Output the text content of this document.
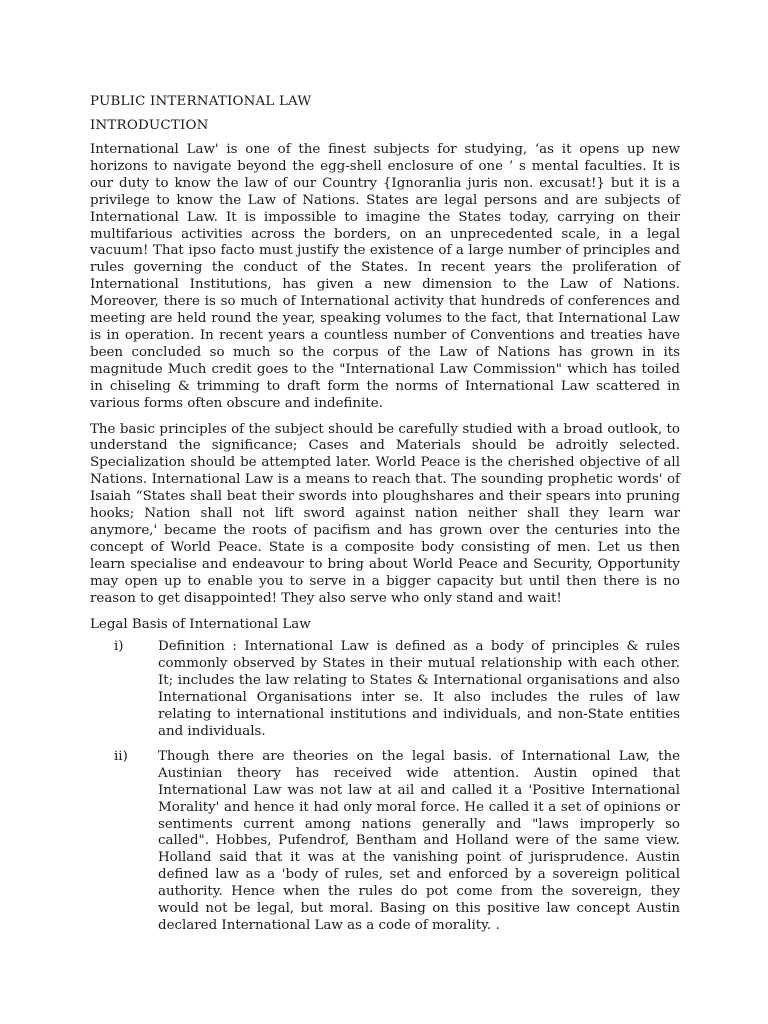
PUBLIC INTERNATIONAL LAW
INTRODUCTION

International Law' is one of the finest subjects for studying, ‘as it opens up new horizons to navigate beyond the egg-shell enclosure of one ’ s mental faculties. It is our duty to know the law of our Country {Ignoranlia juris non. excusat!} but it is a privilege to know the Law of Nations. States are legal persons and are subjects of International Law. It is impossible to imagine the States today, carrying on their multifarious activities across the borders, on an unprecedented scale, in a legal vacuum! That ipso facto must justify the existence of a large number of principles and rules governing the conduct of the States. In recent years the proliferation of International Institutions, has given a new dimension to the Law of Nations. Moreover, there is so much of International activity that hundreds of conferences and meeting are held round the year, speaking volumes to the fact, that International Law is in operation. In recent years a countless number of Conventions and treaties have been concluded so much so the corpus of the Law of Nations has grown in its magnitude Much credit goes to the "International Law Commission" which has toiled in chiseling & trimming to draft form the norms of International Law scattered in various forms often obscure and indefinite.

The basic principles of the subject should be carefully studied with a broad outlook, to understand the significance; Cases and Materials should be adroitly selected. Specialization should be attempted later. World Peace is the cherished objective of all Nations. International Law is a means to reach that. The sounding prophetic words' of Isaiah “States shall beat their swords into ploughshares and their spears into pruning hooks; Nation shall not lift sword against nation neither shall they learn war anymore,' became the roots of pacifism and has grown over the centuries into the concept of World Peace. State is a composite body consisting of men. Let us then learn specialise and endeavour to bring about World Peace and Security, Opportunity may open up to enable you to serve in a bigger capacity but until then there is no reason to get disappointed! They also serve who only stand and wait!

Legal Basis of International Law
i)	Definition : International Law is defined as a body of principles & rules commonly observed by States in their mutual relationship with each other. It; includes the law relating to States & International organisations and also International Organisations inter se. It also includes the rules of law relating to international institutions and individuals, and non-State entities and individuals.
ii)	Though there are theories on the legal basis. of International Law, the Austinian theory has received wide attention. Austin opined that International Law was not law at ail and called it a 'Positive International Morality' and hence it had only moral force. He called it a set of opinions or sentiments current among nations generally and "laws improperly so called". Hobbes, Pufendrof, Bentham and Holland were of the same view. Holland said that it was at the vanishing point of jurisprudence. Austin defined law as a 'body of rules, set and enforced by a sovereign political authority. Hence when the rules do pot come from the sovereign, they would not be legal, but moral. Basing on this positive law concept Austin declared International Law as a code of morality. .
